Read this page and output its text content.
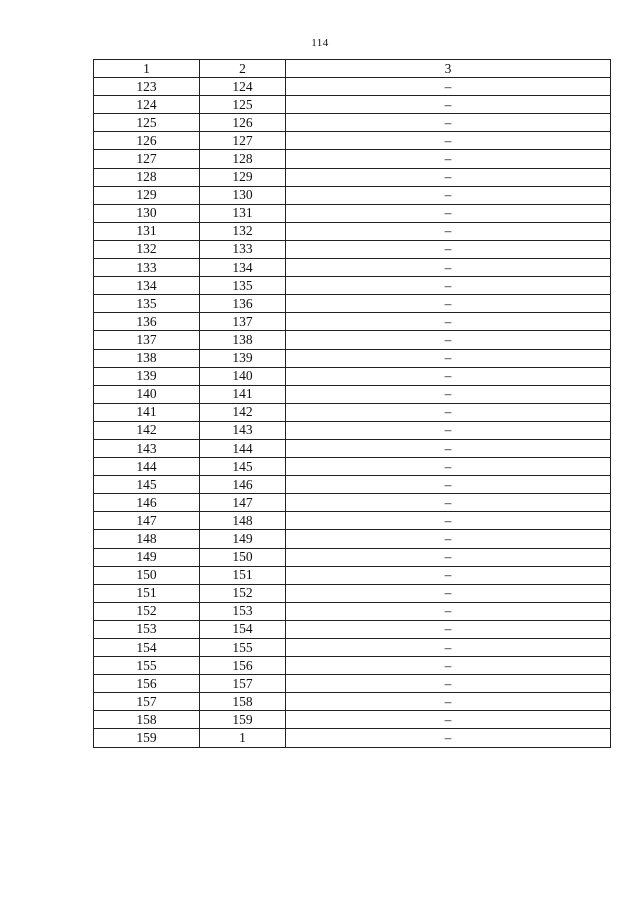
114
1	2	3
123	124	–
124	125	–
125	126	–
126	127	–
127	128	–
128	129	–
129	130	–
130	131	–
131	132	–
132	133	–
133	134	–
134	135	–
135	136	–
136	137	–
137	138	–
138	139	–
139	140	–
140	141	–
141	142	–
142	143	–
143	144	–
144	145	–
145	146	–
146	147	–
147	148	–
148	149	–
149	150	–
150	151	–
151	152	–
152	153	–
153	154	–
154	155	–
155	156	–
156	157	–
157	158	–
158	159	–
159	1	–
